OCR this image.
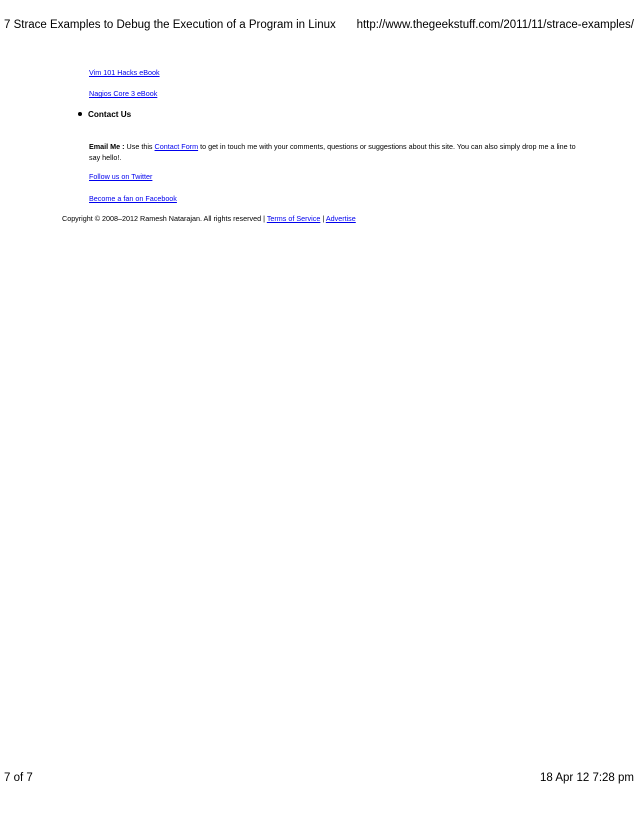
7 Strace Examples to Debug the Execution of a Program in Linux http://www.thegeekstuff.com/2011/11/strace-examples/
Vim 101 Hacks eBook
Nagios Core 3 eBook
Contact Us
Email Me : Use this Contact Form to get in touch me with your comments, questions or suggestions about this site. You can also simply drop me a line to say hello!.
Follow us on Twitter
Become a fan on Facebook
Copyright © 2008–2012 Ramesh Natarajan. All rights reserved | Terms of Service | Advertise
7 of 7	18 Apr 12 7:28 pm
